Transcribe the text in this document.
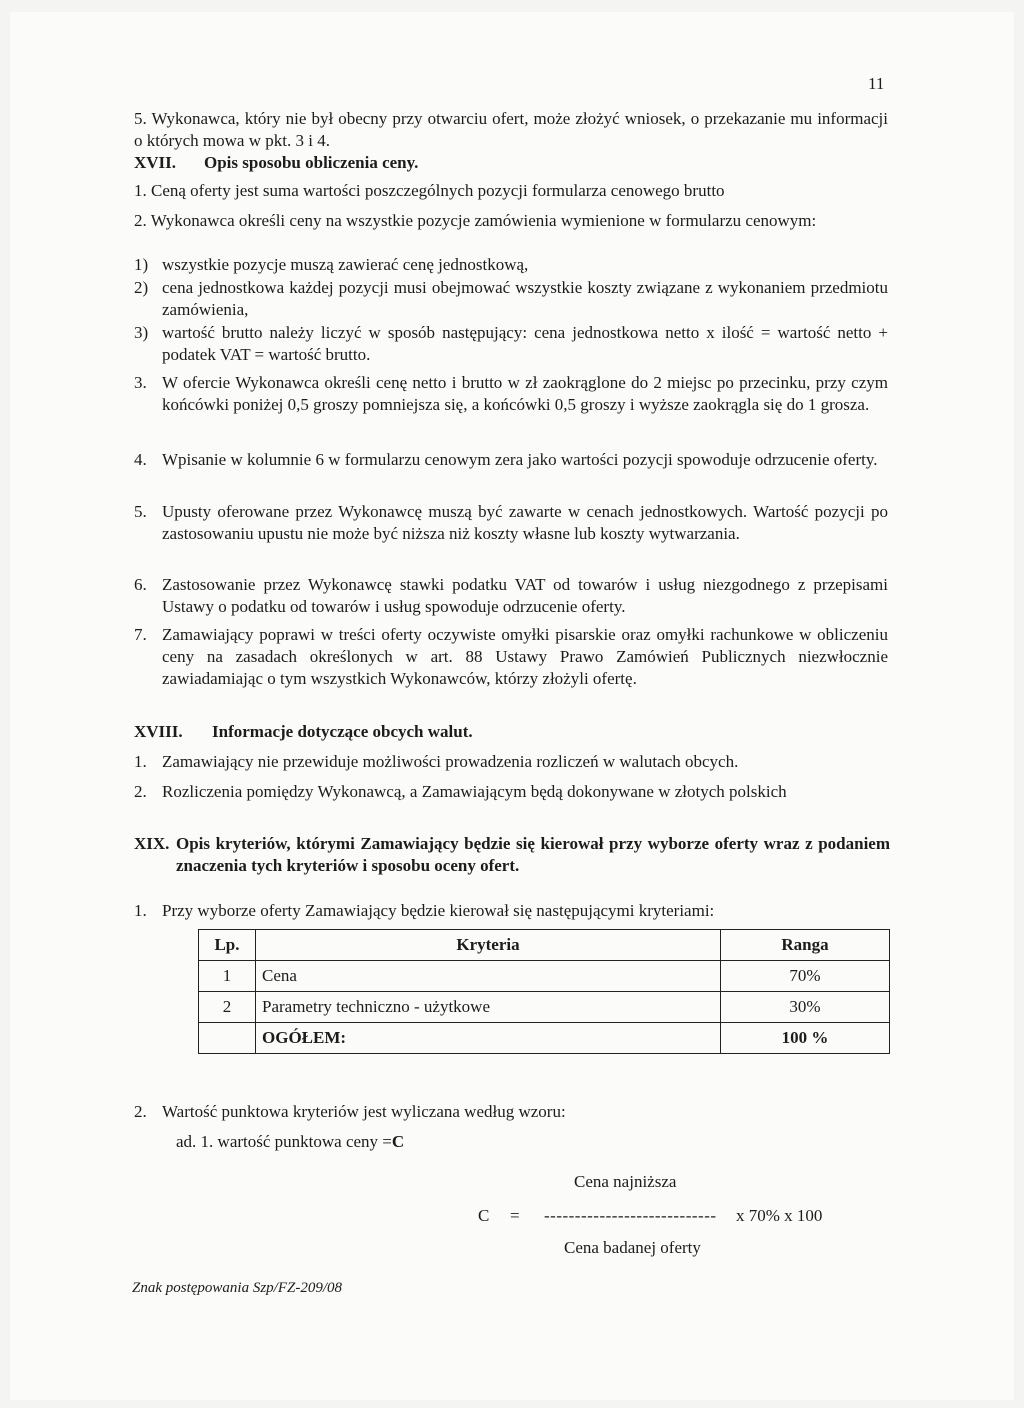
11
5. Wykonawca, który nie był obecny przy otwarciu ofert, może złożyć wniosek, o przekazanie mu informacji o których mowa w pkt. 3 i 4.
XVII.	Opis sposobu obliczenia ceny.
1. Ceną oferty jest suma wartości poszczególnych pozycji formularza cenowego brutto
2. Wykonawca określi ceny na wszystkie pozycje zamówienia wymienione w formularzu cenowym:
1) wszystkie pozycje muszą zawierać cenę jednostkową,
2) cena jednostkowa każdej pozycji musi obejmować wszystkie koszty związane z wykonaniem przedmiotu zamówienia,
3) wartość brutto należy liczyć w sposób następujący: cena jednostkowa netto x ilość = wartość netto + podatek VAT = wartość brutto.
3. W ofercie Wykonawca określi cenę netto i brutto w zł zaokrąglone do 2 miejsc po przecinku, przy czym końcówki poniżej 0,5 groszy pomniejsza się, a końcówki 0,5 groszy i wyższe zaokrągla się do 1 grosza.
4. Wpisanie w kolumnie 6 w formularzu cenowym zera jako wartości pozycji spowoduje odrzucenie oferty.
5. Upusty oferowane przez Wykonawcę muszą być zawarte w cenach jednostkowych. Wartość pozycji po zastosowaniu upustu nie może być niższa niż koszty własne lub koszty wytwarzania.
6. Zastosowanie przez Wykonawcę stawki podatku VAT od towarów i usług niezgodnego z przepisami Ustawy o podatku od towarów i usług spowoduje odrzucenie oferty.
7. Zamawiający poprawi w treści oferty oczywiste omyłki pisarskie oraz omyłki rachunkowe w obliczeniu ceny na zasadach określonych w art. 88 Ustawy Prawo Zamówień Publicznych niezwłocznie zawiadamiając o tym wszystkich Wykonawców, którzy złożyli ofertę.
XVIII.	Informacje dotyczące obcych walut.
1. Zamawiający nie przewiduje możliwości prowadzenia rozliczeń w walutach obcych.
2. Rozliczenia pomiędzy Wykonawcą, a Zamawiającym będą dokonywane w złotych polskich
XIX. Opis kryteriów, którymi Zamawiający będzie się kierował przy wyborze oferty wraz z podaniem znaczenia tych kryteriów i sposobu oceny ofert.
1. Przy wyborze oferty Zamawiający będzie kierował się następującymi kryteriami:
Lp.	Kryteria	Ranga
1	Cena	70%
2	Parametry techniczno - użytkowe	30%
	OGÓŁEM:	100 %
2. Wartość punktowa kryteriów jest wyliczana według wzoru:
ad. 1. wartość punktowa ceny =C
Cena najniższa
C = ---------------------------- x 70% x 100
Cena badanej oferty
Znak postępowania Szp/FZ-209/08
